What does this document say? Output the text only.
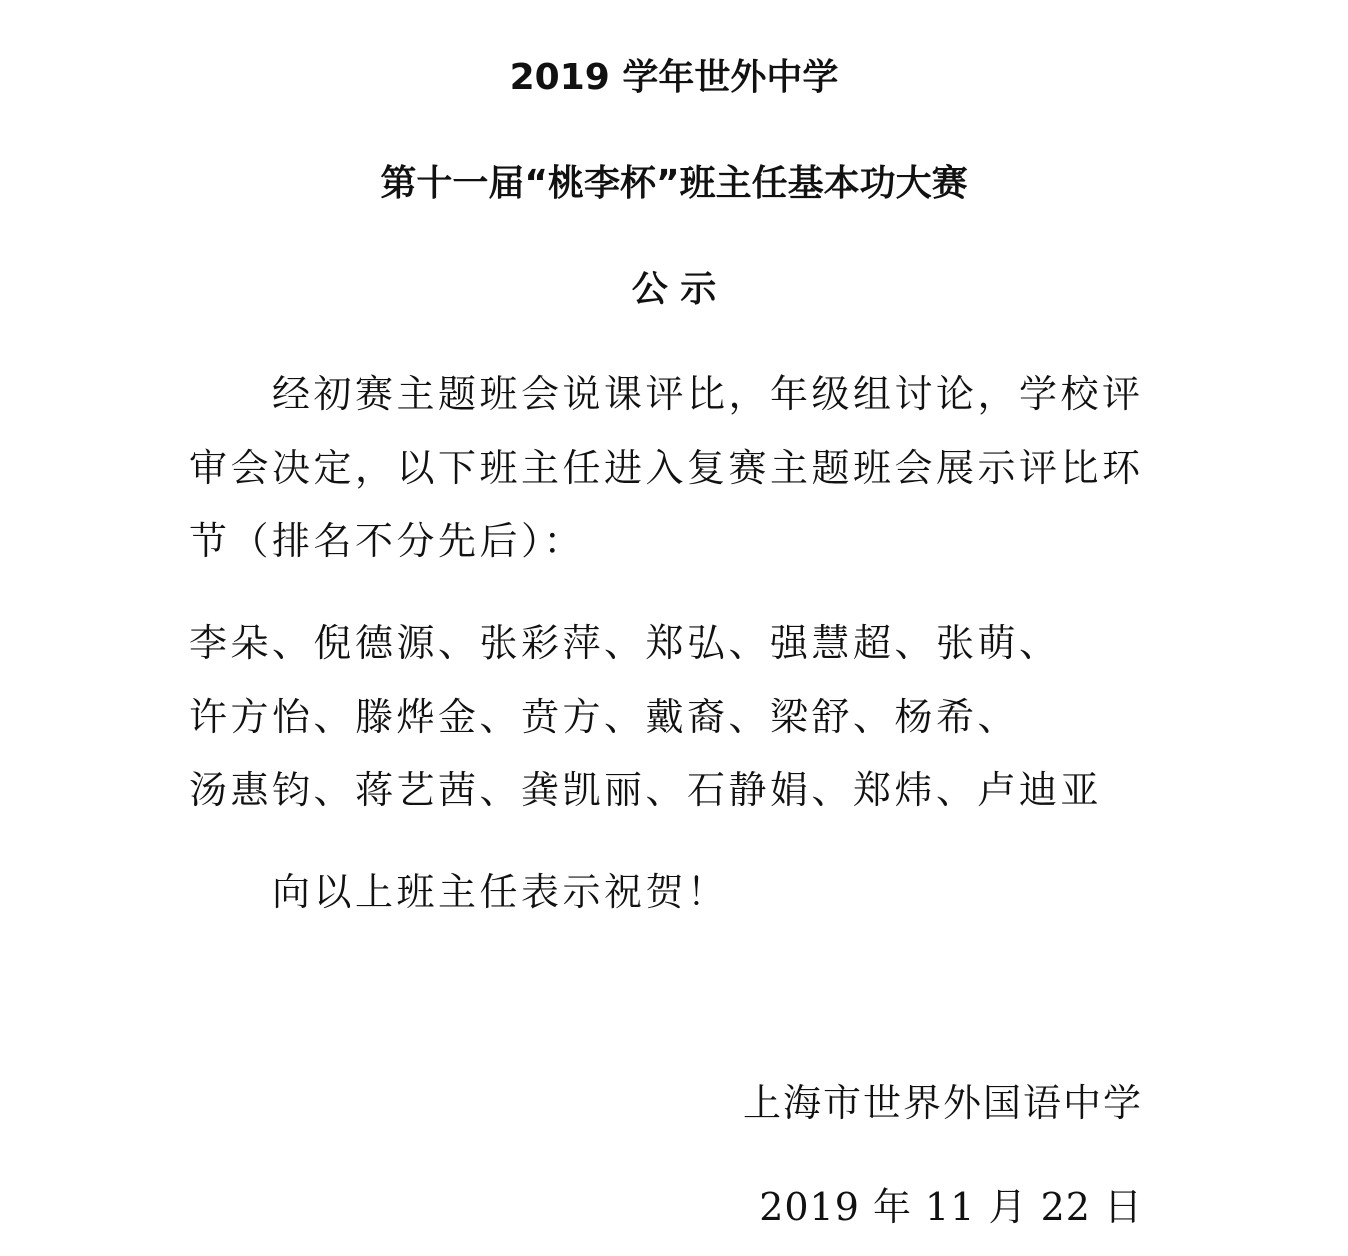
2019 学年世外中学
第十一届“桃李杯”班主任基本功大赛
公 示

经初赛主题班会说课评比，年级组讨论，学校评

审会决定，以下班主任进入复赛主题班会展示评比环

节（排名不分先后）：

李朵、倪德源、张彩萍、郑弘、强慧超、张萌、

许方怡、滕烨金、贲方、戴裔、梁舒、杨希、

汤惠钧、蒋艺茜、龚凯丽、石静娟、郑炜、卢迪亚

向以上班主任表示祝贺！

上海市世界外国语中学

2019 年 11 月 22 日
